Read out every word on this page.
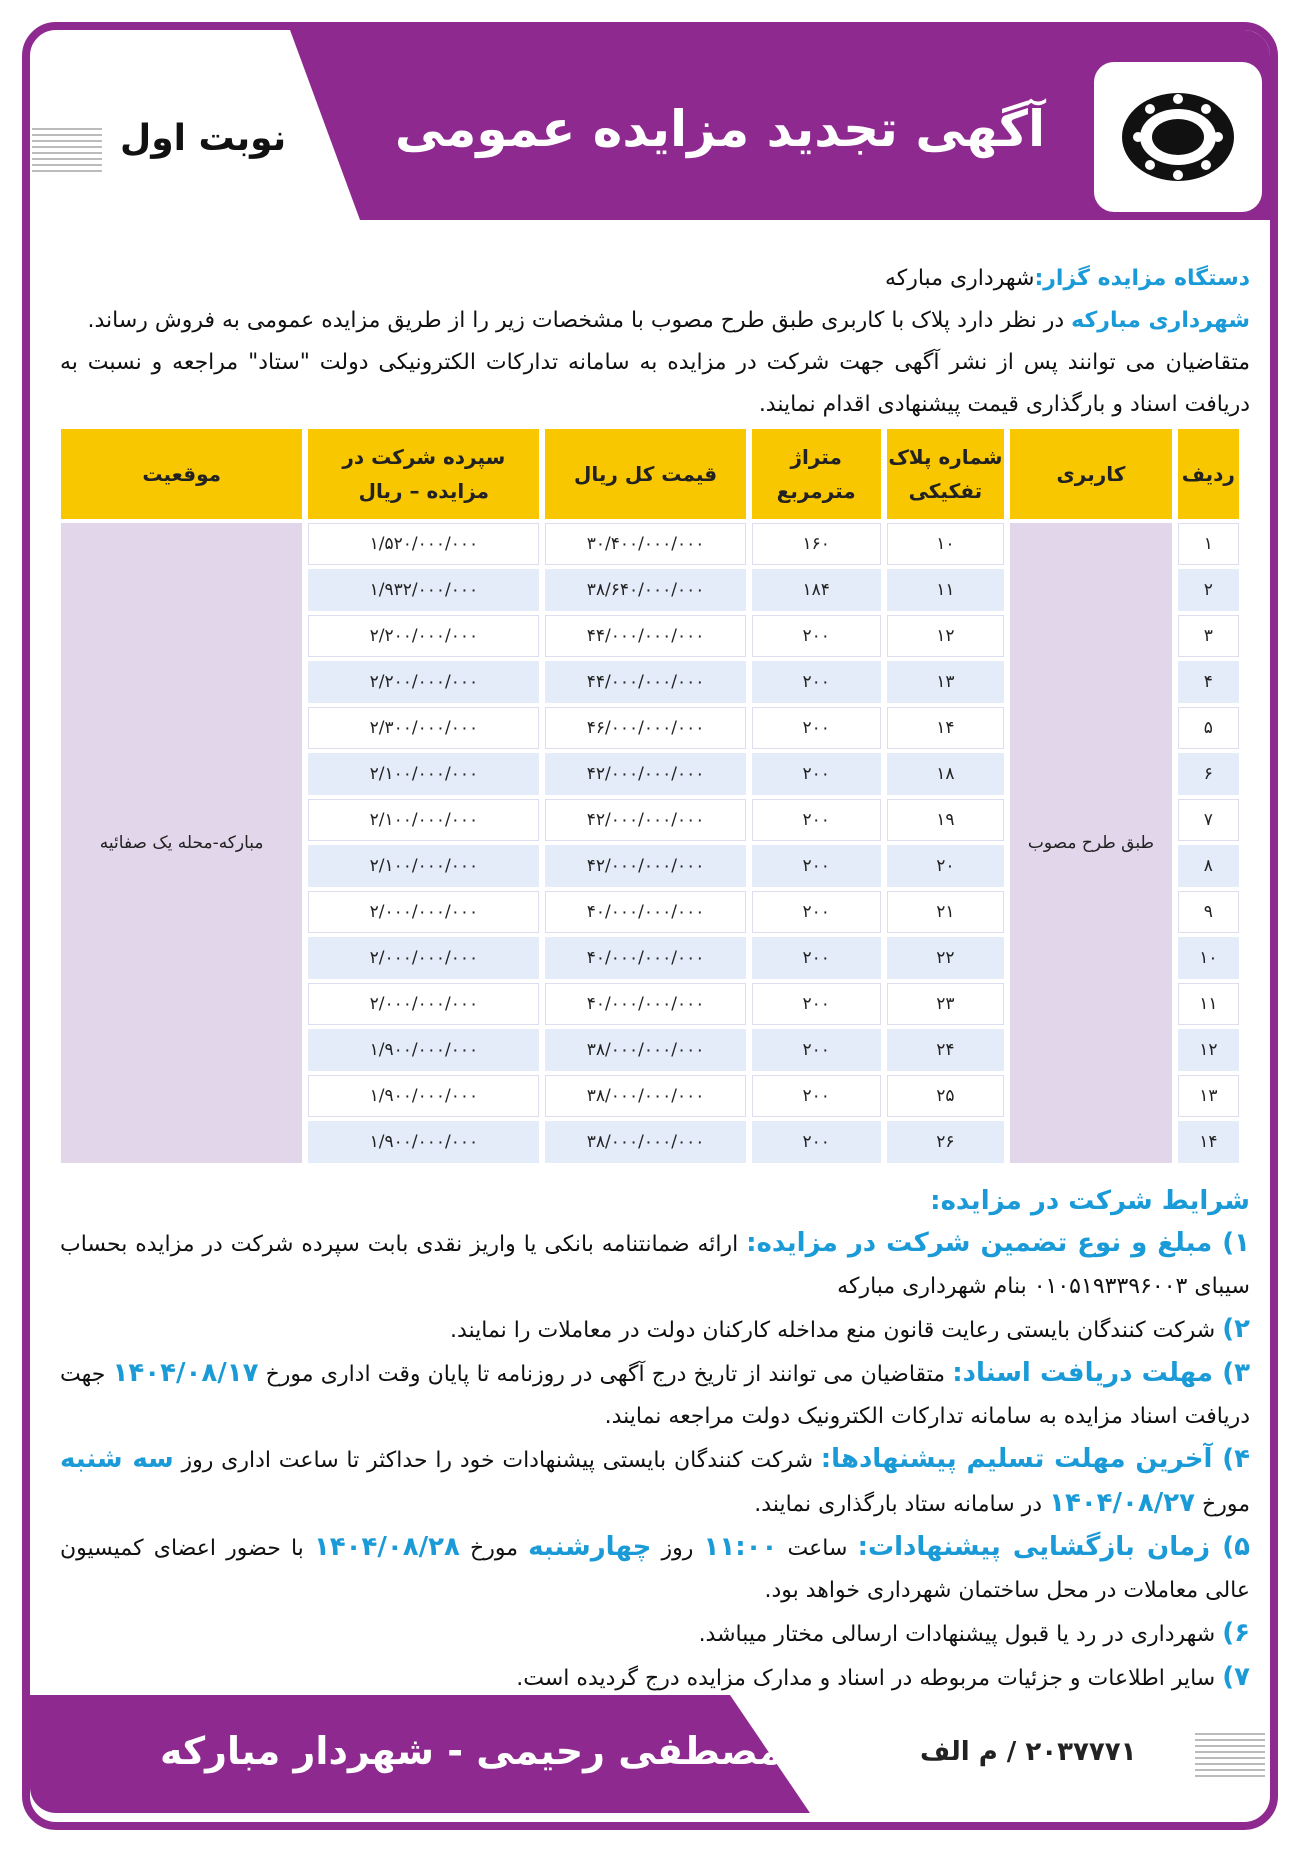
نوبت اول	آگهی تجدید مزایده عمومی
دستگاه مزایده گزار:شهرداری مبارکه
شهرداری مبارکه در نظر دارد پلاک با کاربری طبق طرح مصوب با مشخصات زیر را از طریق مزایده عمومی به فروش رساند.
متقاضیان می توانند پس از نشر آگهی جهت شرکت در مزایده به سامانه تدارکات الکترونیکی دولت "ستاد" مراجعه و نسبت به دریافت اسناد و بارگذاری قیمت پیشنهادی اقدام نمایند.
ردیف	کاربری	شماره پلاک تفکیکی	متراژ مترمربع	قیمت کل ریال	سپرده شرکت در مزایده – ریال	موقعیت
۱	طبق طرح مصوب	۱۰	۱۶۰	۳۰/۴۰۰/۰۰۰/۰۰۰	۱/۵۲۰/۰۰۰/۰۰۰	مبارکه-محله یک صفائیه
۲		۱۱	۱۸۴	۳۸/۶۴۰/۰۰۰/۰۰۰	۱/۹۳۲/۰۰۰/۰۰۰	
۳		۱۲	۲۰۰	۴۴/۰۰۰/۰۰۰/۰۰۰	۲/۲۰۰/۰۰۰/۰۰۰	
۴		۱۳	۲۰۰	۴۴/۰۰۰/۰۰۰/۰۰۰	۲/۲۰۰/۰۰۰/۰۰۰	
۵		۱۴	۲۰۰	۴۶/۰۰۰/۰۰۰/۰۰۰	۲/۳۰۰/۰۰۰/۰۰۰	
۶		۱۸	۲۰۰	۴۲/۰۰۰/۰۰۰/۰۰۰	۲/۱۰۰/۰۰۰/۰۰۰	
۷		۱۹	۲۰۰	۴۲/۰۰۰/۰۰۰/۰۰۰	۲/۱۰۰/۰۰۰/۰۰۰	
۸		۲۰	۲۰۰	۴۲/۰۰۰/۰۰۰/۰۰۰	۲/۱۰۰/۰۰۰/۰۰۰	
۹		۲۱	۲۰۰	۴۰/۰۰۰/۰۰۰/۰۰۰	۲/۰۰۰/۰۰۰/۰۰۰	
۱۰		۲۲	۲۰۰	۴۰/۰۰۰/۰۰۰/۰۰۰	۲/۰۰۰/۰۰۰/۰۰۰	
۱۱		۲۳	۲۰۰	۴۰/۰۰۰/۰۰۰/۰۰۰	۲/۰۰۰/۰۰۰/۰۰۰	
۱۲		۲۴	۲۰۰	۳۸/۰۰۰/۰۰۰/۰۰۰	۱/۹۰۰/۰۰۰/۰۰۰	
۱۳		۲۵	۲۰۰	۳۸/۰۰۰/۰۰۰/۰۰۰	۱/۹۰۰/۰۰۰/۰۰۰	
۱۴		۲۶	۲۰۰	۳۸/۰۰۰/۰۰۰/۰۰۰	۱/۹۰۰/۰۰۰/۰۰۰	
شرایط شرکت در مزایده:
۱) مبلغ و نوع تضمین شرکت در مزایده: ارائه ضمانتنامه بانکی یا واریز نقدی بابت سپرده شرکت در مزایده بحساب سیبای ۰۱۰۵۱۹۳۳۹۶۰۰۳ بنام شهرداری مبارکه
۲) شرکت کنندگان بایستی رعایت قانون منع مداخله کارکنان دولت در معاملات را نمایند.
۳) مهلت دریافت اسناد: متقاضیان می توانند از تاریخ درج آگهی در روزنامه تا پایان وقت اداری مورخ ۱۴۰۴/۰۸/۱۷ جهت دریافت اسناد مزایده به سامانه تدارکات الکترونیک دولت مراجعه نمایند.
۴) آخرین مهلت تسلیم پیشنهادها: شرکت کنندگان بایستی پیشنهادات خود را حداکثر تا ساعت اداری روز سه شنبه مورخ ۱۴۰۴/۰۸/۲۷ در سامانه ستاد بارگذاری نمایند.
۵) زمان بازگشایی پیشنهادات: ساعت ۱۱:۰۰ روز چهارشنبه مورخ ۱۴۰۴/۰۸/۲۸ با حضور اعضای کمیسیون عالی معاملات در محل ساختمان شهرداری خواهد بود.
۶) شهرداری در رد یا قبول پیشنهادات ارسالی مختار میباشد.
۷) سایر اطلاعات و جزئیات مربوطه در اسناد و مدارک مزایده درج گردیده است.
مصطفی رحیمی - شهردار مبارکه	۲۰۳۷۷۷۱ / م الف
